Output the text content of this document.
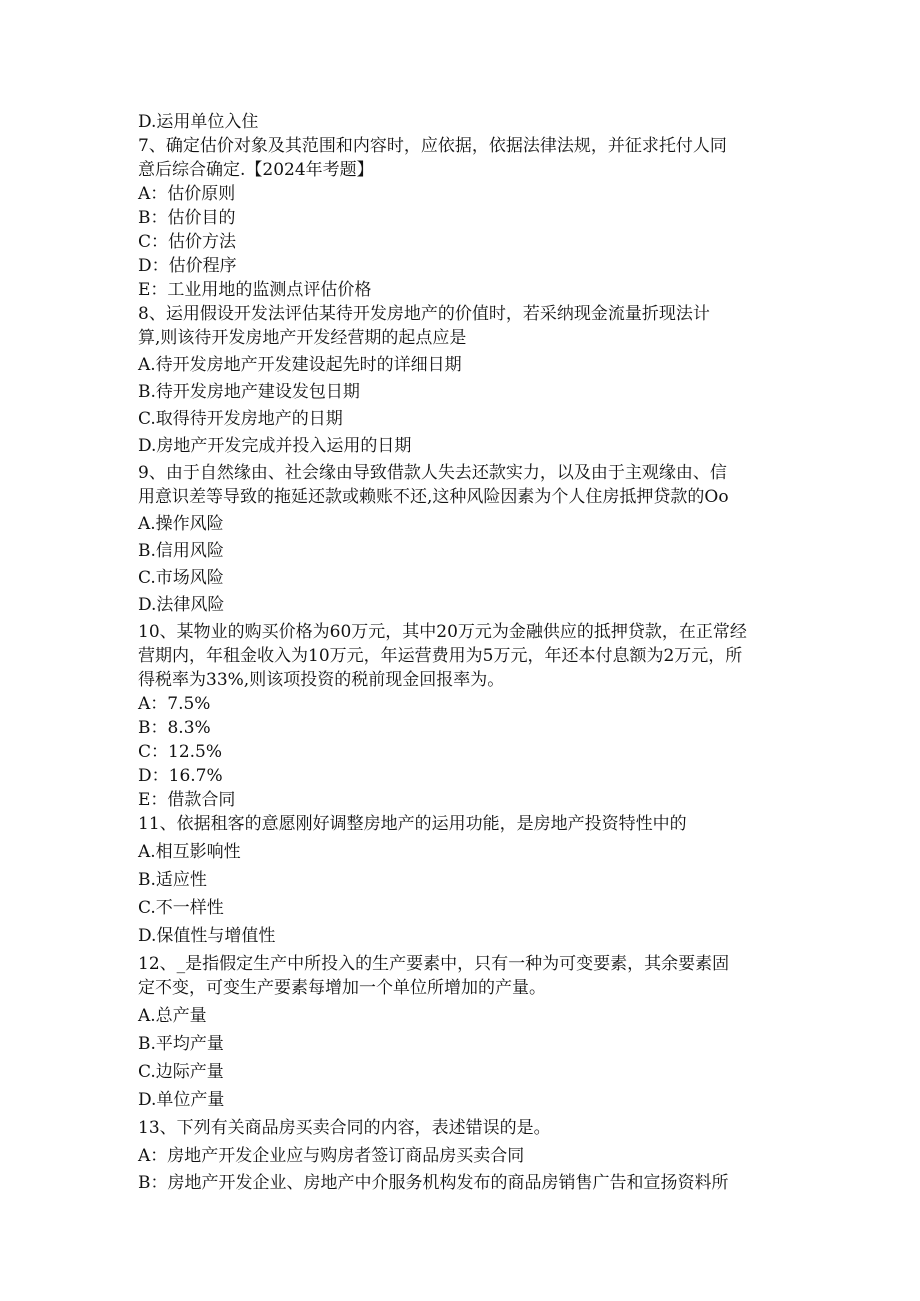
D.运用单位入住

7、确定估价对象及其范围和内容时，应依据，依据法律法规，并征求托付人同

意后综合确定.【2024年考题】

A：估价原则

B：估价目的

C：估价方法

D：估价程序

E：工业用地的监测点评估价格

8、运用假设开发法评估某待开发房地产的价值时，若采纳现金流量折现法计

算,则该待开发房地产开发经营期的起点应是

A.待开发房地产开发建设起先时的详细日期

B.待开发房地产建设发包日期

C.取得待开发房地产的日期

D.房地产开发完成并投入运用的日期

9、由于自然缘由、社会缘由导致借款人失去还款实力，以及由于主观缘由、信

用意识差等导致的拖延还款或赖账不还,这种风险因素为个人住房抵押贷款的Oo

A.操作风险

B.信用风险

C.市场风险

D.法律风险

10、某物业的购买价格为60万元，其中20万元为金融供应的抵押贷款，在正常经

营期内，年租金收入为10万元，年运营费用为5万元，年还本付息额为2万元，所

得税率为33%,则该项投资的税前现金回报率为。

A：7.5%

B：8.3%

C：12.5%

D：16.7%

E：借款合同

11、依据租客的意愿刚好调整房地产的运用功能，是房地产投资特性中的

A.相互影响性

B.适应性

C.不一样性

D.保值性与增值性

12、_是指假定生产中所投入的生产要素中，只有一种为可变要素，其余要素固

定不变，可变生产要素每增加一个单位所增加的产量。

A.总产量

B.平均产量

C.边际产量

D.单位产量

13、下列有关商品房买卖合同的内容，表述错误的是。

A：房地产开发企业应与购房者签订商品房买卖合同

B：房地产开发企业、房地产中介服务机构发布的商品房销售广告和宣扬资料所
